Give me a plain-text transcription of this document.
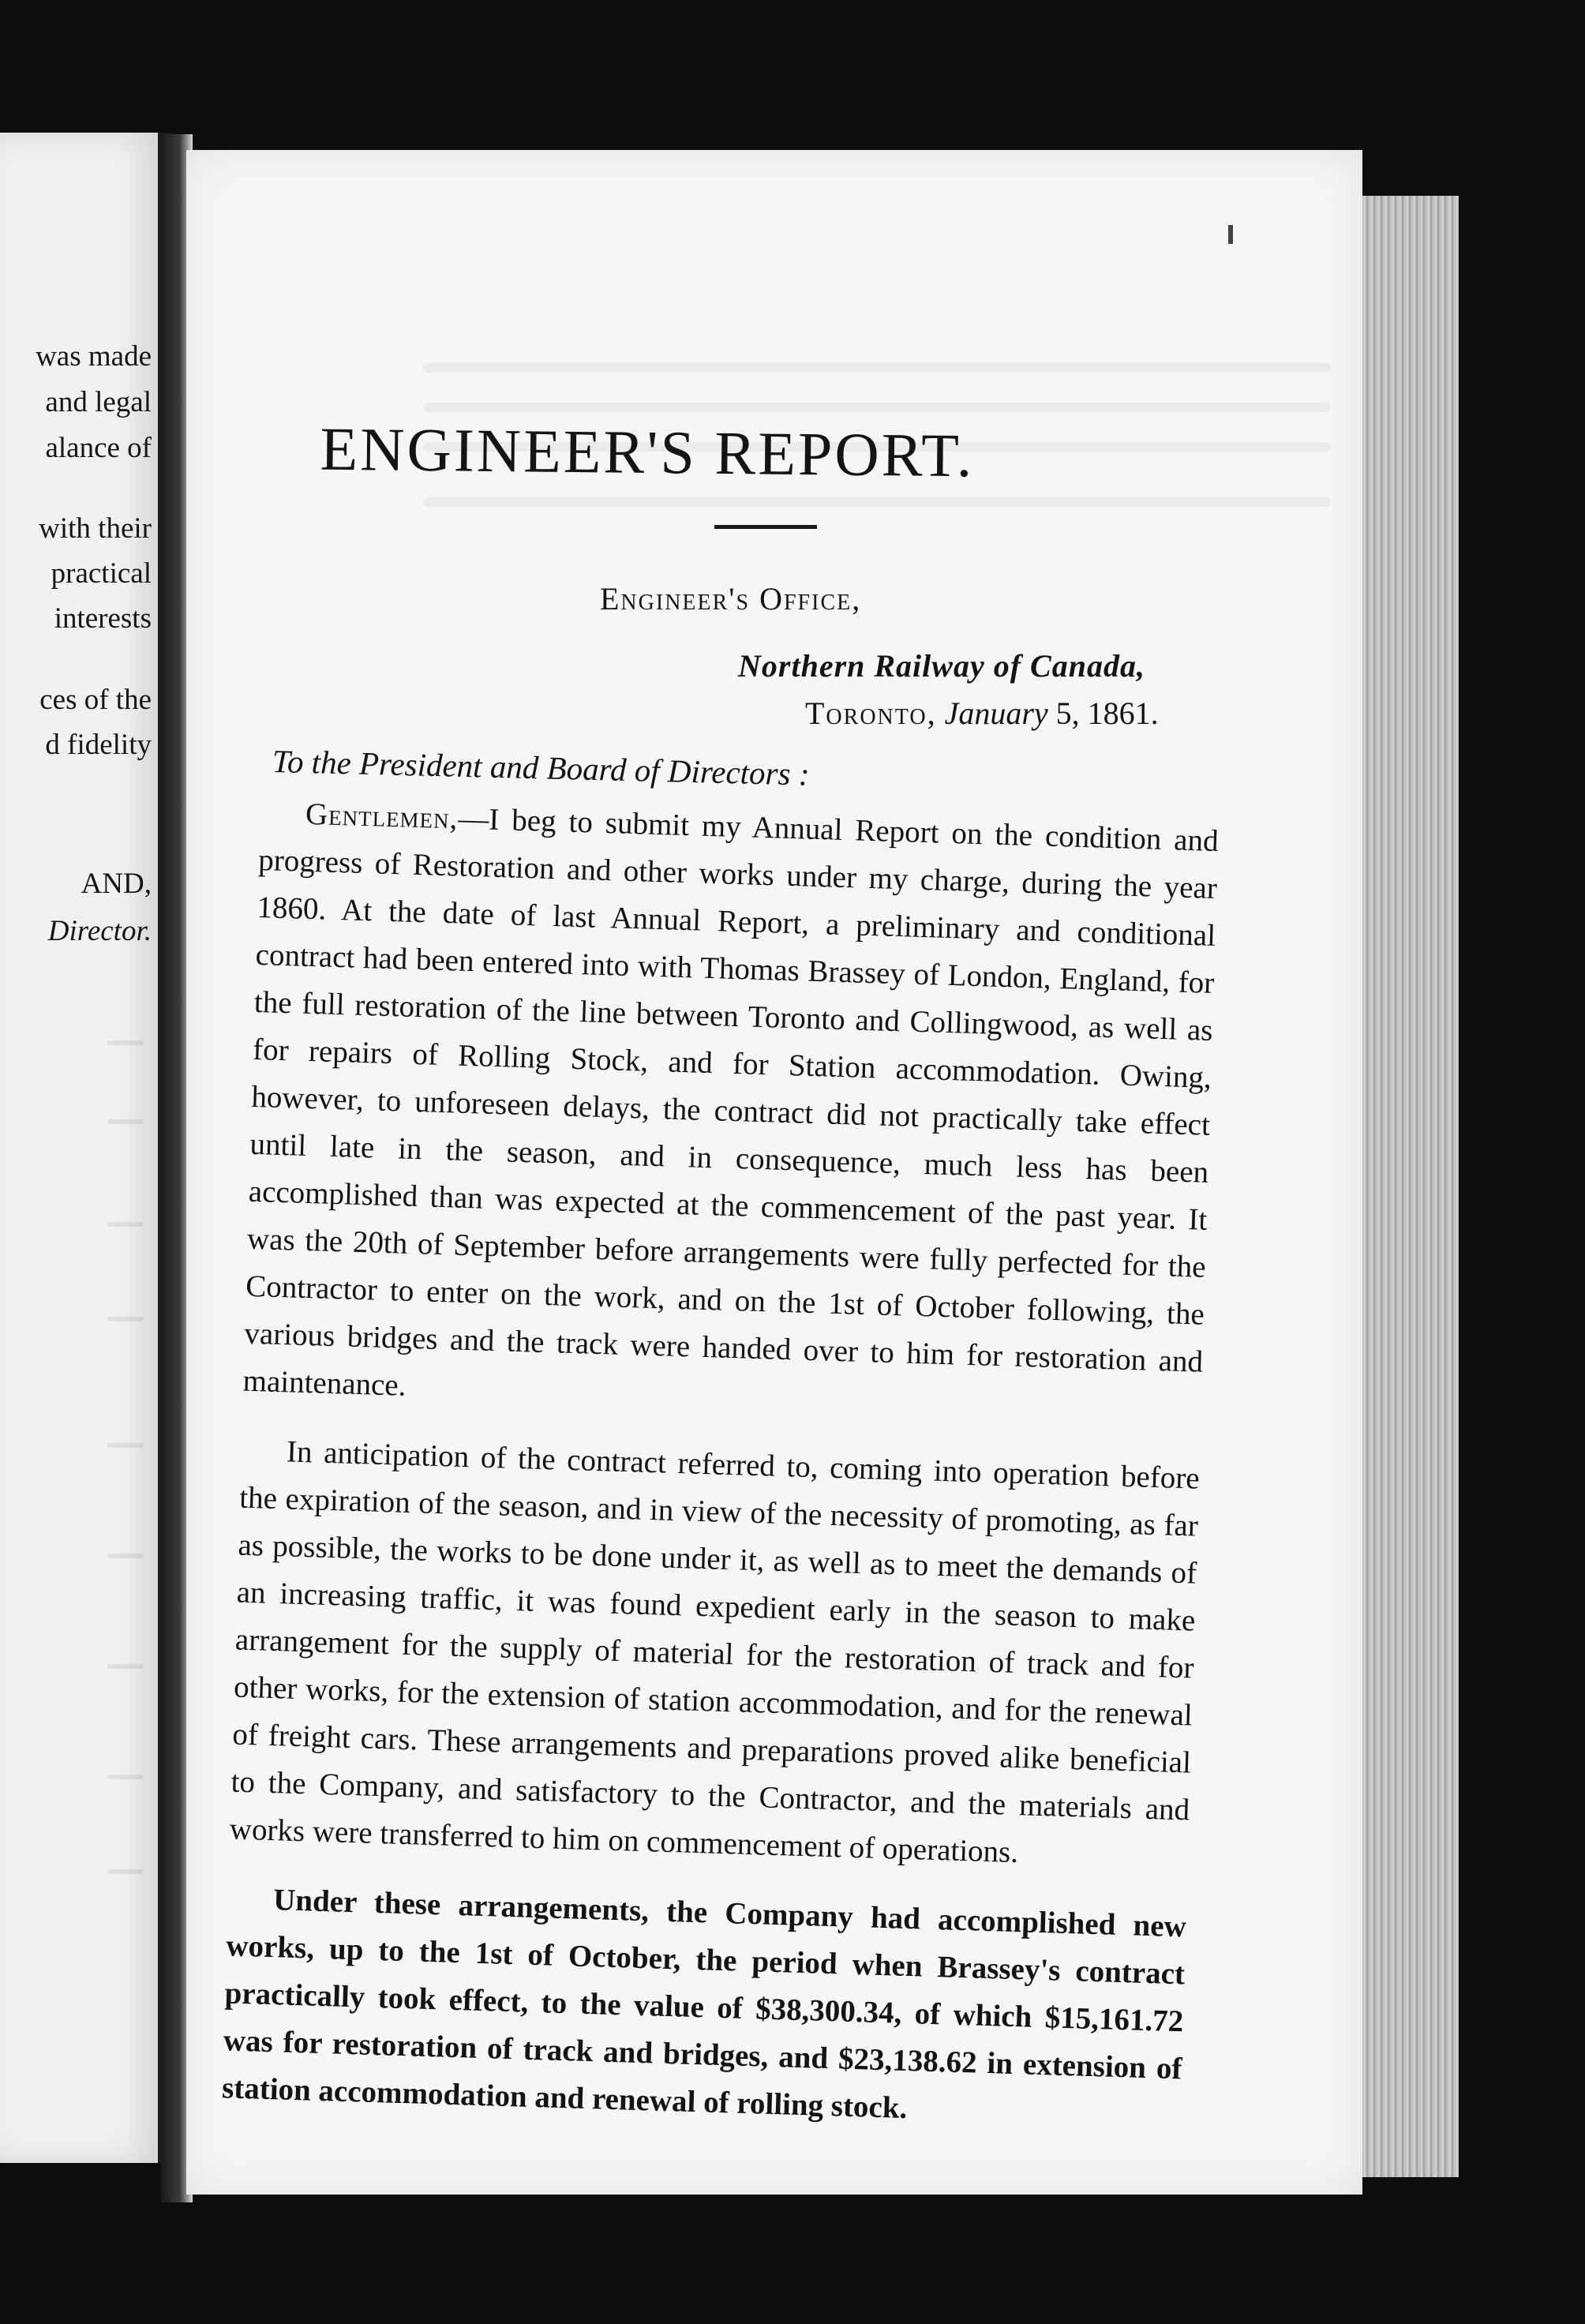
was made
and legal
alance of
with their
practical
interests
ces of the
d fidelity
AND,
Director.
ENGINEER'S REPORT.
Engineer's Office,
Northern Railway of Canada,
Toronto, January 5, 1861.
To the President and Board of Directors :

Gentlemen,—I beg to submit my Annual Report on the condition and progress of Restoration and other works under my charge, during the year 1860. At the date of last Annual Report, a preliminary and conditional contract had been entered into with Thomas Brassey of London, England, for the full restoration of the line between Toronto and Collingwood, as well as for repairs of Rolling Stock, and for Station accommodation. Owing, however, to unforeseen delays, the contract did not practically take effect until late in the season, and in consequence, much less has been accomplished than was expected at the commencement of the past year. It was the 20th of September before arrangements were fully perfected for the Contractor to enter on the work, and on the 1st of October following, the various bridges and the track were handed over to him for restoration and maintenance.

In anticipation of the contract referred to, coming into operation before the expiration of the season, and in view of the necessity of promoting, as far as possible, the works to be done under it, as well as to meet the demands of an increasing traffic, it was found expedient early in the season to make arrangement for the supply of material for the restoration of track and for other works, for the extension of station accommodation, and for the renewal of freight cars. These arrangements and preparations proved alike beneficial to the Company, and satisfactory to the Contractor, and the materials and works were transferred to him on commencement of operations.

Under these arrangements, the Company had accomplished new works, up to the 1st of October, the period when Brassey's contract practically took effect, to the value of $38,300.34, of which $15,161.72 was for restoration of track and bridges, and $23,138.62 in extension of station accommodation and renewal of rolling stock.
